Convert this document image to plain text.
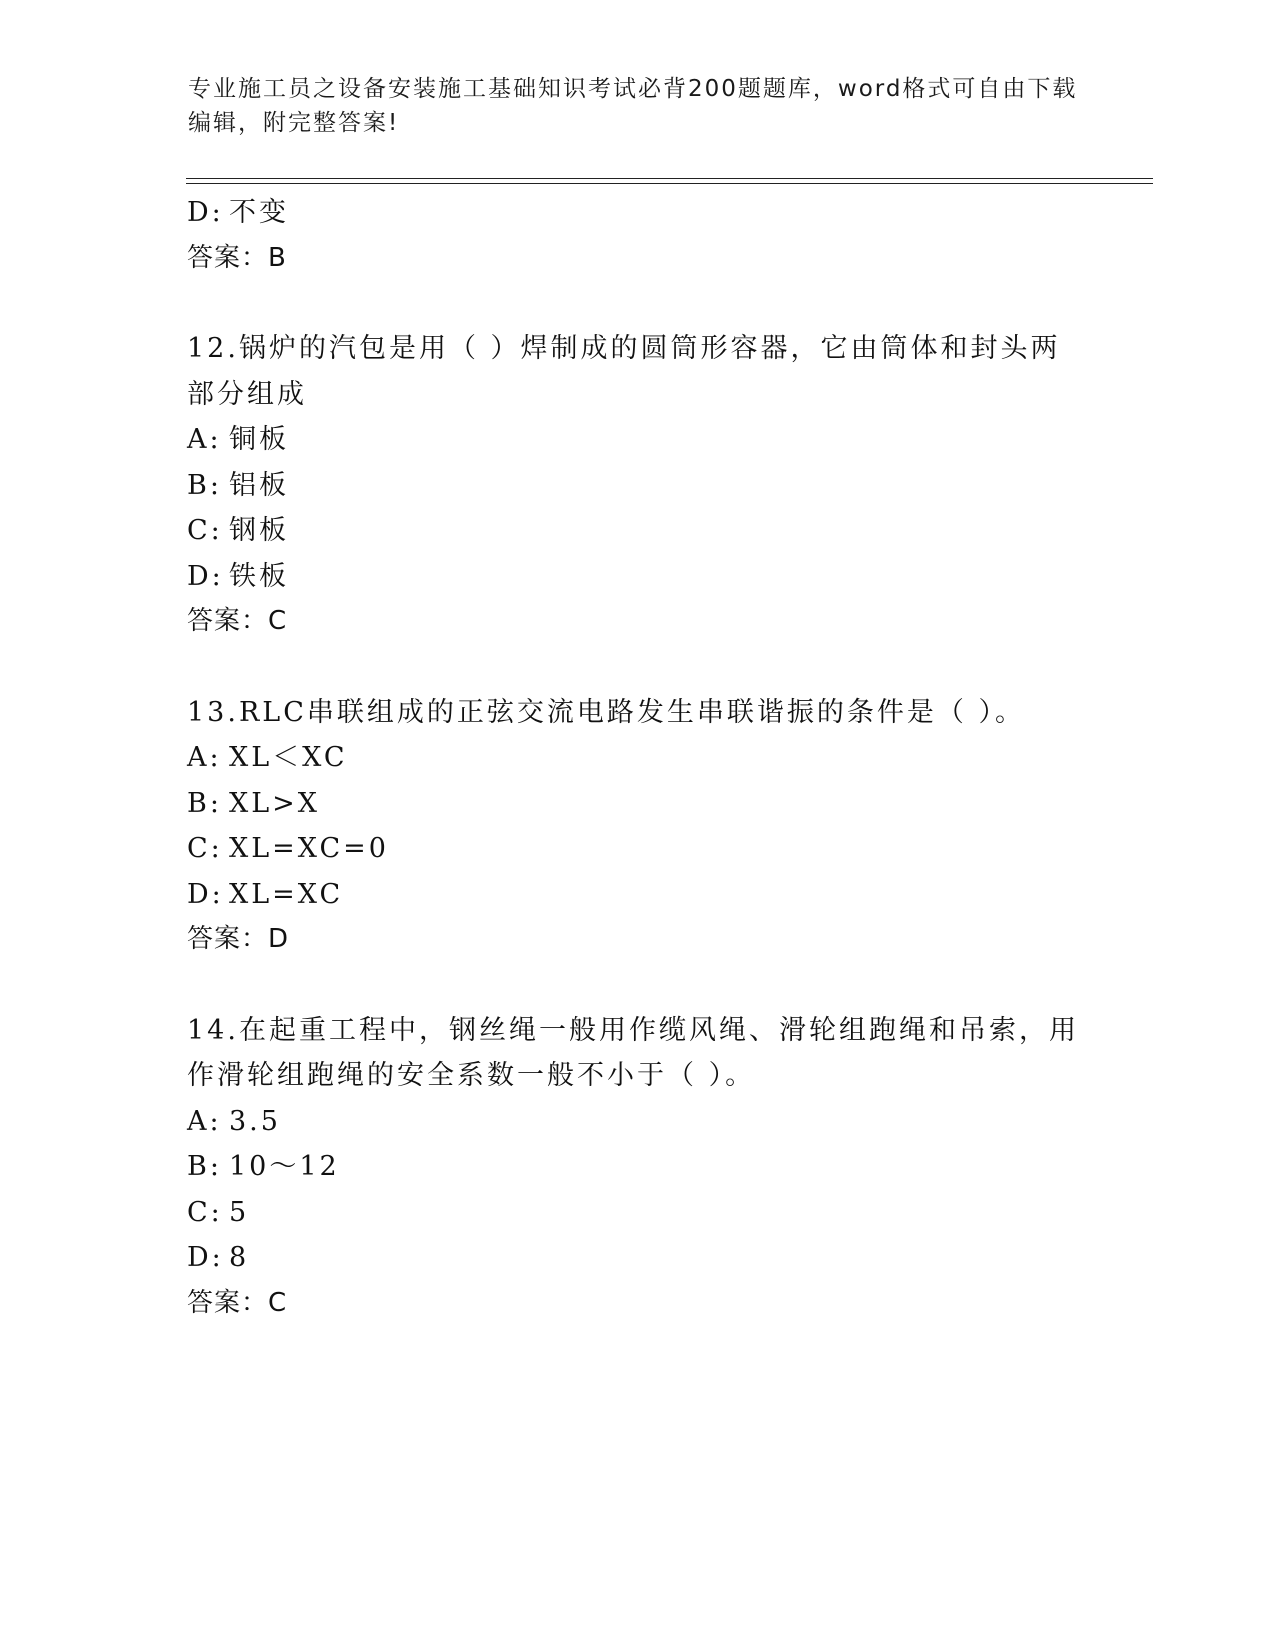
专业施工员之设备安装施工基础知识考试必背200题题库，word格式可自由下载编辑，附完整答案!
D: 不变
答案：B
12.锅炉的汽包是用（ ）焊制成的圆筒形容器，它由筒体和封头两部分组成
A: 铜板
B: 铝板
C: 钢板
D: 铁板
答案：C
13.RLC串联组成的正弦交流电路发生串联谐振的条件是（ ）。
A: XL＜XC
B: XL>X
C: XL=XC=0
D: XL=XC
答案：D
14.在起重工程中，钢丝绳一般用作缆风绳、滑轮组跑绳和吊索，用作滑轮组跑绳的安全系数一般不小于（ ）。
A: 3.5
B: 10～12
C: 5
D: 8
答案：C
